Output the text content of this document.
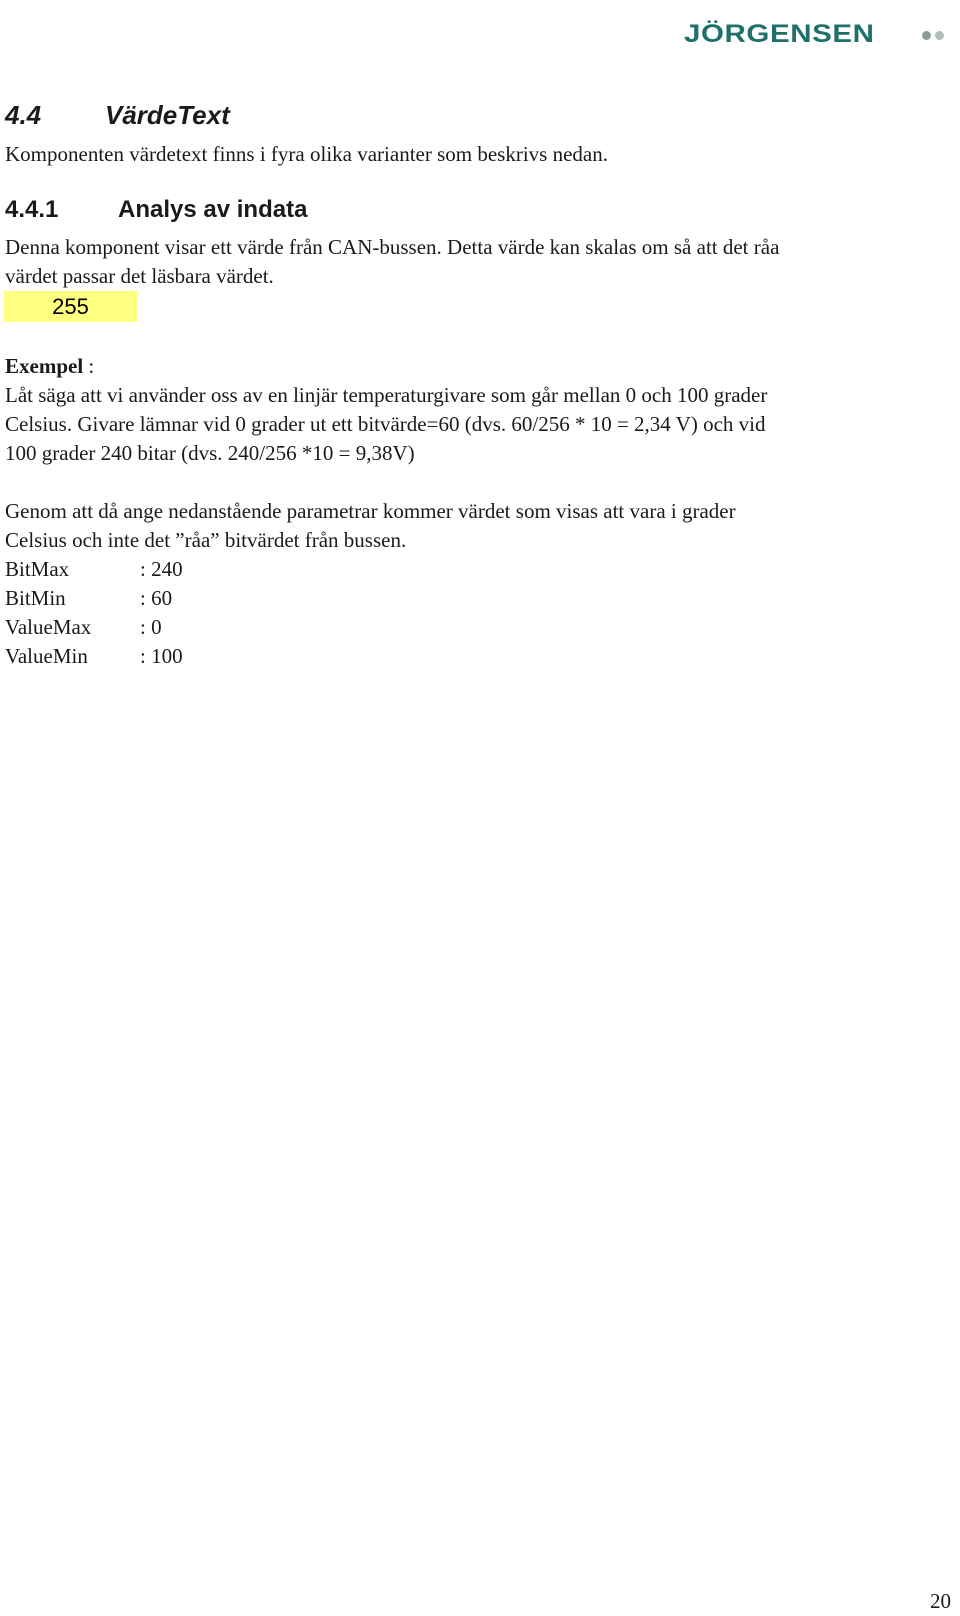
JÖRGENSEN
4.4 VärdeText

Komponenten värdetext finns i fyra olika varianter som beskrivs nedan.

4.4.1 Analys av indata

Denna komponent visar ett värde från CAN-bussen. Detta värde kan skalas om så att det råa

värdet passar det läsbara värdet.

255

Exempel :

Låt säga att vi använder oss av en linjär temperaturgivare som går mellan 0 och 100 grader

Celsius. Givare lämnar vid 0 grader ut ett bitvärde=60 (dvs. 60/256 * 10 = 2,34 V) och vid

100 grader 240 bitar (dvs. 240/256 *10 = 9,38V)

Genom att då ange nedanstående parametrar kommer värdet som visas att vara i grader

Celsius och inte det ”råa” bitvärdet från bussen.

BitMax	: 240

BitMin	: 60

ValueMax : 0

ValueMin : 100

20
